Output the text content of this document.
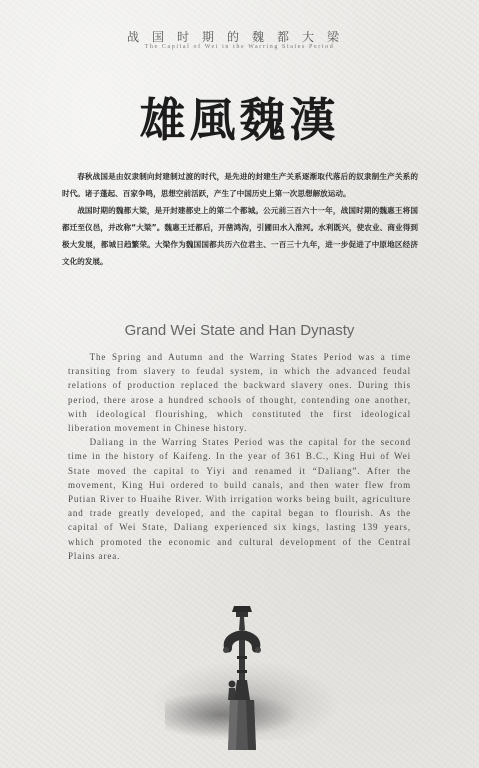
战国时期的魏都大梁
The Capital of Wei in the Warring States Period
雄風魏漢

春秋战国是由奴隶制向封建制过渡的时代，是先进的封建生产关系逐渐取代落后的奴隶制生产关系的时代。诸子蓬起、百家争鸣，思想空前活跃，产生了中国历史上第一次思想解放运动。

战国时期的魏都大梁，是开封建都史上的第二个都城。公元前三百六十一年，战国时期的魏惠王将国都迁至仪邑，并改称“大梁”。魏惠王迁都后，开凿鸿沟，引圃田水入淮河。水利既兴，使农业、商业得到极大发展，都城日趋繁荣。大梁作为魏国国都共历六位君主、一百三十九年，进一步促进了中原地区经济文化的发展。

Grand Wei State and Han Dynasty

The Spring and Autumn and the Warring States Period was a time transiting from slavery to feudal system, in which the advanced feudal relations of production replaced the backward slavery ones. During this period, there arose a hundred schools of thought, contending one another, with ideological flourishing, which constituted the first ideological liberation movement in Chinese history.

Daliang in the Warring States Period was the capital for the second time in the history of Kaifeng. In the year of 361 B.C., King Hui of Wei State moved the capital to Yiyi and renamed it “Daliang”. After the movement, King Hui ordered to build canals, and then water flew from Putian River to Huaihe River. With irrigation works being built, agriculture and trade greatly developed, and the capital began to flourish. As the capital of Wei State, Daliang experienced six kings, lasting 139 years, which promoted the economic and cultural development of the Central Plains area.
